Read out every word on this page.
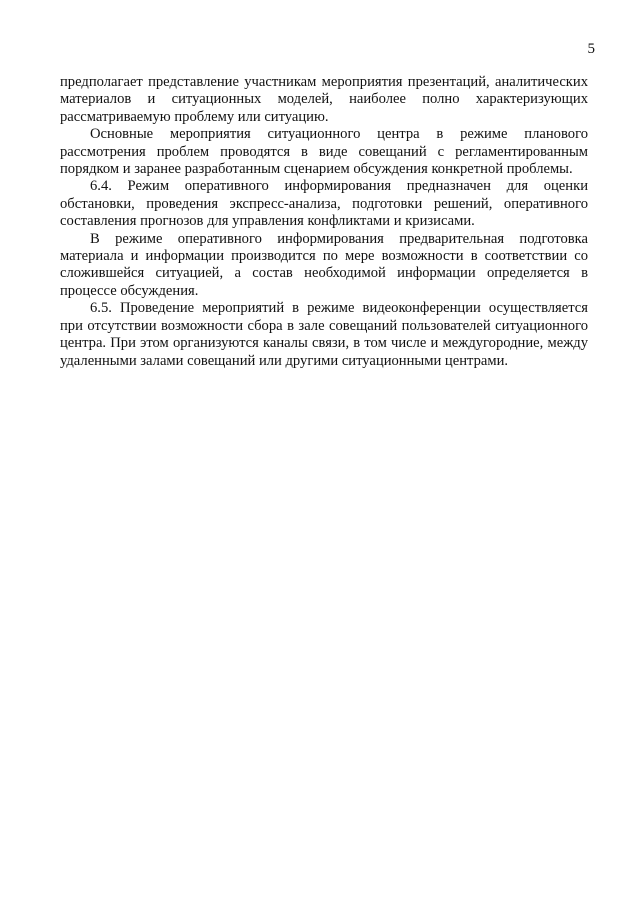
5

предполагает представление участникам мероприятия презентаций, аналитических материалов и ситуационных моделей, наиболее полно характеризующих рассматриваемую проблему или ситуацию.

Основные мероприятия ситуационного центра в режиме планового рассмотрения проблем проводятся в виде совещаний с регламентированным порядком и заранее разработанным сценарием обсуждения конкретной проблемы.

6.4. Режим оперативного информирования предназначен для оценки обстановки, проведения экспресс-анализа, подготовки решений, оперативного составления прогнозов для управления конфликтами и кризисами.

В режиме оперативного информирования предварительная подготовка материала и информации производится по мере возможности в соответствии со сложившейся ситуацией, а состав необходимой информации определяется в процессе обсуждения.

6.5. Проведение мероприятий в режиме видеоконференции осуществляется при отсутствии возможности сбора в зале совещаний пользователей ситуационного центра. При этом организуются каналы связи, в том числе и междугородние, между удаленными залами совещаний или другими ситуационными центрами.
